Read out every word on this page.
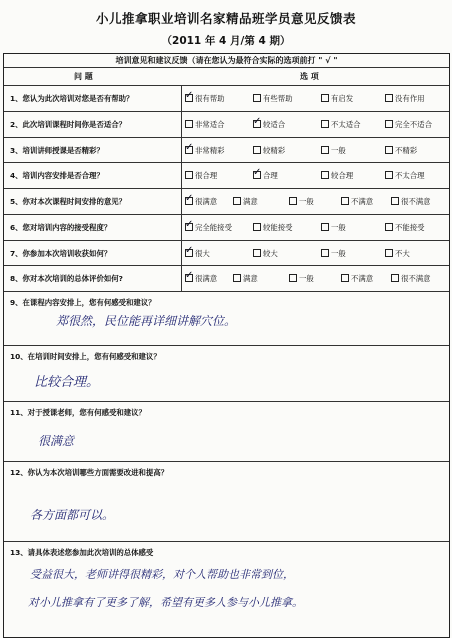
小儿推拿职业培训名家精品班学员意见反馈表
（2011 年 4 月/第 4 期）
培训意见和建议反馈（请在您认为最符合实际的选项前打 " √ "
问 题	选 项
1、您认为此次培训对您是否有帮助？	✓ 很有帮助	有些帮助	有启发	没有作用
2、此次培训课程时间你是否适合？	非常适合	✓ 较适合	不太适合	完全不适合
3、培训讲师授课是否精彩？	✓ 非常精彩	较精彩	一般	不精彩
4、培训内容安排是否合理？	很合理	✓ 合理	较合理	不太合理
5、你对本次课程时间安排的意见？	✓ 很满意	满意	一般	不满意	很不满意
6、您对培训内容的接受程度？	✓ 完全能接受	较能接受	一般	不能接受
7、你参加本次培训收获如何？	✓ 很大	较大	一般	不大
8、你对本次培训的总体评价如何?	✓ 很满意	满意	一般	不满意	很不满意
9、在课程内容安排上，您有何感受和建议？
郑很然，民位能再详细讲解穴位。
10、在培训时间安排上，您有何感受和建议？
比较合理。
11、对于授课老师，您有何感受和建议？
很满意
12、你认为本次培训哪些方面需要改进和提高？
各方面都可以。
13、请具体表述您参加此次培训的总体感受
受益很大，老师讲得很精彩，对个人帮助也非常到位，
对小儿推拿有了更多了解，希望有更多人参与小儿推拿。
